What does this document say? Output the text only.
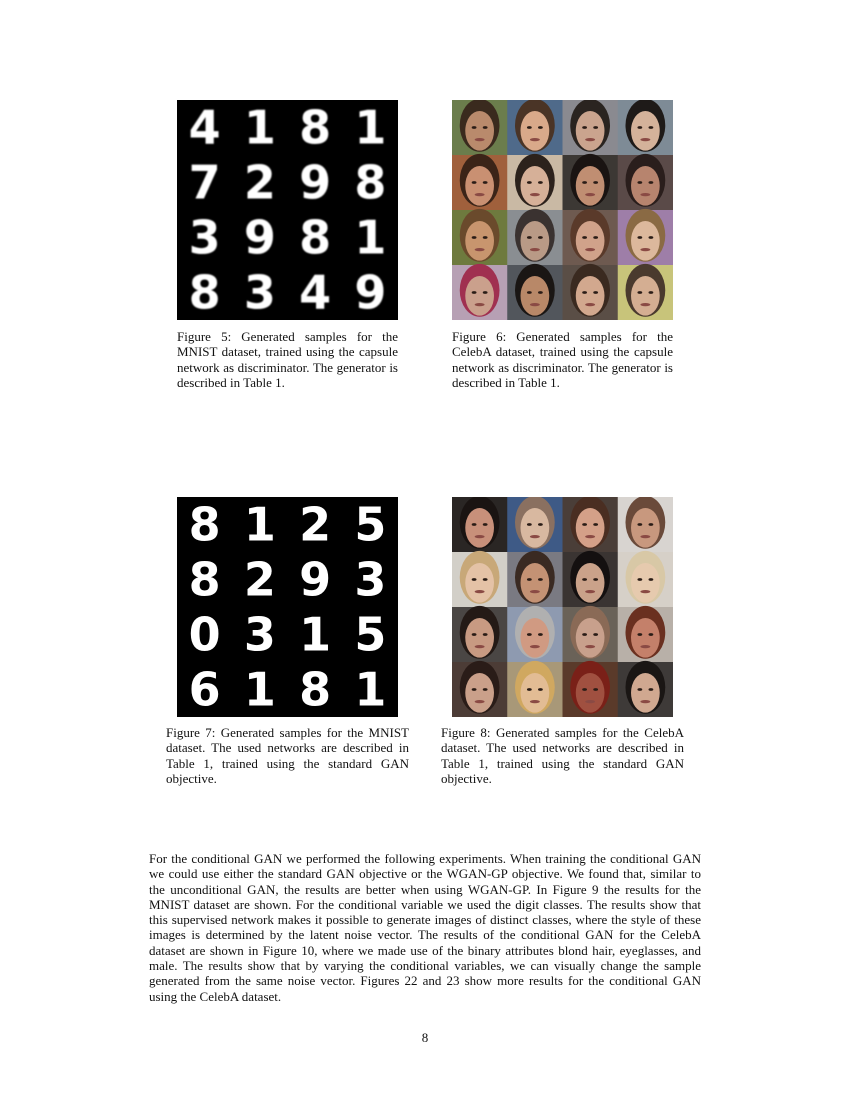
4 1 8 1
7 2 9 8
3 9 8 1
8 3 4 9

Figure 5: Generated samples for the MNIST dataset, trained using the capsule network as discriminator. The generator is described in Table 1.

Figure 6: Generated samples for the CelebA dataset, trained using the capsule network as discriminator. The generator is described in Table 1.

8 1 2 5
8 2 9 3
0 3 1 5
6 1 8 1

Figure 7: Generated samples for the MNIST dataset. The used networks are described in Table 1, trained using the standard GAN objective.

Figure 8: Generated samples for the CelebA dataset. The used networks are described in Table 1, trained using the standard GAN objective.

For the conditional GAN we performed the following experiments. When training the conditional GAN we could use either the standard GAN objective or the WGAN-GP objective. We found that, similar to the unconditional GAN, the results are better when using WGAN-GP. In Figure 9 the results for the MNIST dataset are shown. For the conditional variable we used the digit classes. The results show that this supervised network makes it possible to generate images of distinct classes, where the style of these images is determined by the latent noise vector. The results of the conditional GAN for the CelebA dataset are shown in Figure 10, where we made use of the binary attributes blond hair, eyeglasses, and male. The results show that by varying the conditional variables, we can visually change the sample generated from the same noise vector. Figures 22 and 23 show more results for the conditional GAN using the CelebA dataset.

8
